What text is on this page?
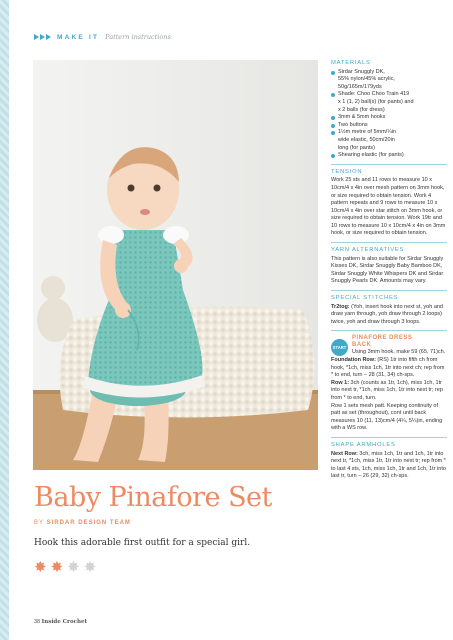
MAKE IT Pattern instructions
Baby Pinafore Set
BY SIRDAR DESIGN TEAM
Hook this adorable first outfit for a special girl.
✸ ✸ ✸ ✸
38 Inside Crochet
MATERIALS
Sirdar Snuggly DK,
55% nylon/45% acrylic,
50g/165m/179yds
Shade: Choo Choo Train 419
x 1 (1, 2) ball(s) (for pants) and
x 2 balls (for dress)
3mm & 5mm hooks
Two buttons
1½m metre of 5mm/¼in
wide elastic, 50cm/20in
long (for pants)
Shearing elastic (for pants)
TENSION

Work 25 sts and 11 rows to measure 10 x 10cm/4 x 4in over mesh pattern on 3mm hook, or size required to obtain tension. Work 4 pattern repeats and 9 rows to measure 10 x 10cm/4 x 4in over star stitch on 3mm hook, or size required to obtain tension. Work 19tr and 10 rows to measure 10 x 10cm/4 x 4in on 3mm hook, or size required to obtain tension.

YARN ALTERNATIVES

This pattern is also suitable for Sirdar Snuggly Kisses DK, Sirdar Snuggly Baby Bamboo DK, Sirdar Snuggly White Whispers DK and Sirdar Snuggly Pearls DK. Amounts may vary.

SPECIAL STITCHES

Tr2tog: (Yoh, insert hook into next st, yoh and draw yarn through, yoh draw through 2 loops) twice, yoh and draw through 3 loops.

START
PINAFORE DRESS
BACK

Using 3mm hook, make 59 (65, 71)ch.

Foundation Row: (RS) 1tr into fifth ch from hook, *1ch, miss 1ch, 1tr into next ch; rep from * to end, turn – 28 (31, 34) ch-sps.

Row 1: 3ch (counts as 1tr, 1ch), miss 1ch, 1tr into next tr, *1ch, miss 1ch, 1tr into next tr; rep from * to end, turn.

Row 1 sets mesh patt. Keeping continuity of patt as set (throughout), cont until back measures 10 (11, 13)cm/4 (4¼, 5¼)in, ending with a WS row.

SHAPE ARMHOLES

Next Row: 3ch, miss 1ch, 1tr and 1ch, 1tr into next tr, *1ch, miss 1tr, 1tr into next tr; rep from * to last 4 sts, 1ch, miss 1ch, 1tr and 1ch, 1tr into last tr, turn – 26 (29, 32) ch-sps.
